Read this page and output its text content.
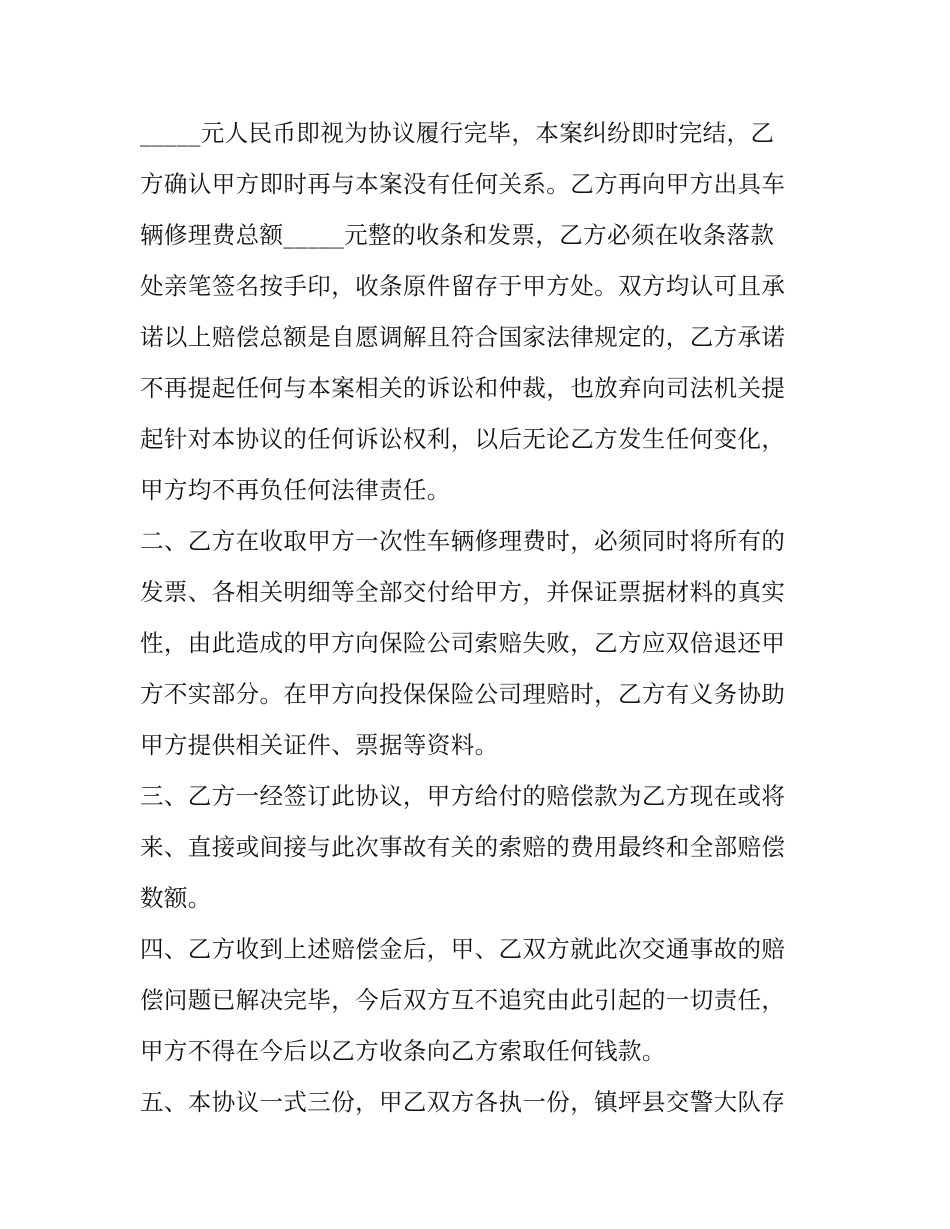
_____元人民币即视为协议履行完毕，本案纠纷即时完结，乙
方确认甲方即时再与本案没有任何关系。乙方再向甲方出具车
辆修理费总额_____元整的收条和发票，乙方必须在收条落款
处亲笔签名按手印，收条原件留存于甲方处。双方均认可且承
诺以上赔偿总额是自愿调解且符合国家法律规定的，乙方承诺
不再提起任何与本案相关的诉讼和仲裁，也放弃向司法机关提
起针对本协议的任何诉讼权利，以后无论乙方发生任何变化，
甲方均不再负任何法律责任。
二、乙方在收取甲方一次性车辆修理费时，必须同时将所有的
发票、各相关明细等全部交付给甲方，并保证票据材料的真实
性，由此造成的甲方向保险公司索赔失败，乙方应双倍退还甲
方不实部分。在甲方向投保保险公司理赔时，乙方有义务协助
甲方提供相关证件、票据等资料。
三、乙方一经签订此协议，甲方给付的赔偿款为乙方现在或将
来、直接或间接与此次事故有关的索赔的费用最终和全部赔偿
数额。
四、乙方收到上述赔偿金后，甲、乙双方就此次交通事故的赔
偿问题已解决完毕，今后双方互不追究由此引起的一切责任，
甲方不得在今后以乙方收条向乙方索取任何钱款。
五、本协议一式三份，甲乙双方各执一份，镇坪县交警大队存
